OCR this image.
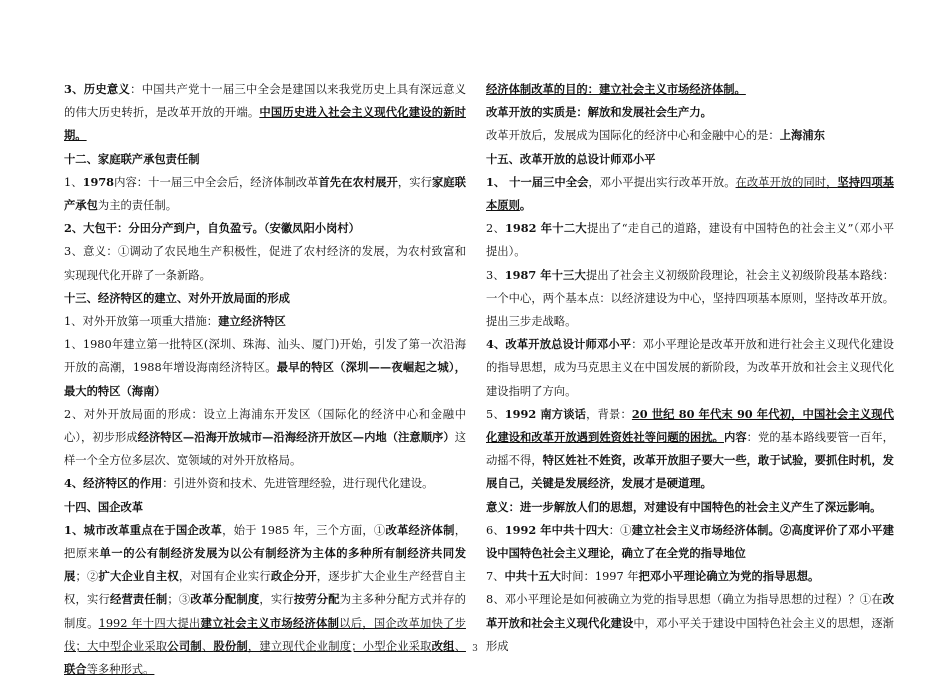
3、历史意义：中国共产党十一届三中全会是建国以来我党历史上具有深远意义的伟大历史转折，是改革开放的开端。中国历史进入社会主义现代化建设的新时期。

十二、家庭联产承包责任制

1、1978内容：十一届三中全会后，经济体制改革首先在农村展开，实行家庭联产承包为主的责任制。

2、大包干：分田分产到户，自负盈亏。（安徽凤阳小岗村）

3、意义：①调动了农民地生产积极性，促进了农村经济的发展，为农村致富和实现现代化开辟了一条新路。

十三、经济特区的建立、对外开放局面的形成

1、对外开放第一项重大措施：建立经济特区

1、1980年建立第一批特区(深圳、珠海、汕头、厦门)开始，引发了第一次沿海开放的高潮，1988年增设海南经济特区。最早的特区（深圳——夜崛起之城），最大的特区（海南）

2、对外开放局面的形成：设立上海浦东开发区（国际化的经济中心和金融中心），初步形成经济特区—沿海开放城市—沿海经济开放区—内地（注意顺序）这样一个全方位多层次、宽领域的对外开放格局。

4、经济特区的作用：引进外资和技术、先进管理经验，进行现代化建设。

十四、国企改革

1、城市改革重点在于国企改革，始于 1985 年，三个方面，①改革经济体制，把原来单一的公有制经济发展为以公有制经济为主体的多种所有制经济共同发展；②扩大企业自主权，对国有企业实行政企分开，逐步扩大企业生产经营自主权，实行经营责任制；③改革分配制度，实行按劳分配为主多种分配方式并存的制度。1992 年十四大提出建立社会主义市场经济体制以后，国企改革加快了步伐；大中型企业采取公司制、股份制，建立现代企业制度；小型企业采取改组、联合等多种形式。

经济体制改革的目的：建立社会主义市场经济体制。

改革开放的实质是：解放和发展社会生产力。

改革开放后，发展成为国际化的经济中心和金融中心的是：上海浦东

十五、改革开放的总设计师邓小平

1、 十一届三中全会，邓小平提出实行改革开放。在改革开放的同时，坚持四项基本原则。

2、1982 年十二大提出了“走自己的道路，建设有中国特色的社会主义”（邓小平提出）。

3、1987 年十三大提出了社会主义初级阶段理论，社会主义初级阶段基本路线：一个中心，两个基本点：以经济建设为中心，坚持四项基本原则，坚持改革开放。提出三步走战略。

4、改革开放总设计师邓小平：邓小平理论是改革开放和进行社会主义现代化建设的指导思想，成为马克思主义在中国发展的新阶段，为改革开放和社会主义现代化建设指明了方向。

5、1992 南方谈话，背景：20 世纪 80 年代末 90 年代初，中国社会主义现代化建设和改革开放遇到姓资姓社等问题的困扰。内容：党的基本路线要管一百年，动摇不得，特区姓社不姓资，改革开放胆子要大一些，敢于试验，要抓住时机，发展自己，关键是发展经济，发展才是硬道理。

意义：进一步解放人们的思想，对建设有中国特色的社会主义产生了深远影响。

6、1992 年中共十四大：①建立社会主义市场经济体制。②高度评价了邓小平建设中国特色社会主义理论，确立了在全党的指导地位

7、中共十五大时间：1997 年把邓小平理论确立为党的指导思想。

8、邓小平理论是如何被确立为党的指导思想（确立为指导思想的过程）？①在改革开放和社会主义现代化建设中，邓小平关于建设中国特色社会主义的思想，逐渐形成

3
